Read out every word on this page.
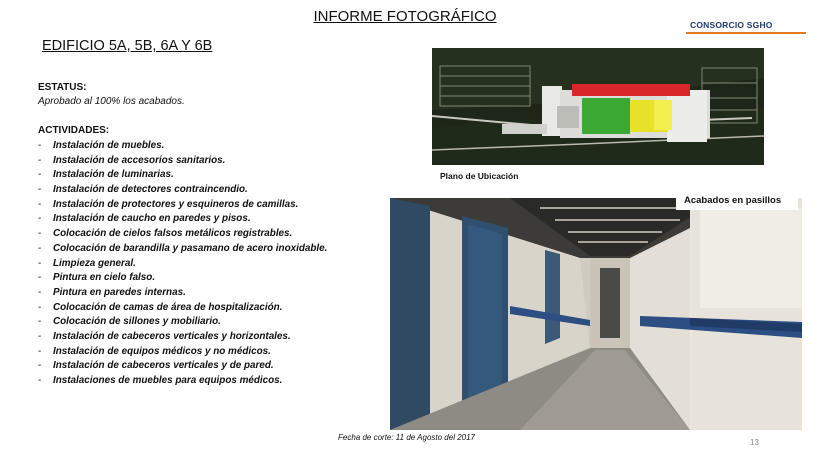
INFORME FOTOGRÁFICO	CONSORCIO SGHO
EDIFICIO 5A, 5B, 6A Y 6B
ESTATUS:
Aprobado al 100% los acabados.
ACTIVIDADES:
- Instalación de muebles.
- Instalación de accesorios sanitarios.
- Instalación de luminarias.
- Instalación de detectores contraincendio.
- Instalación de protectores y esquineros de camillas.
- Instalación de caucho en paredes y pisos.
- Colocación de cielos falsos metálicos registrables.
- Colocación de barandilla y pasamano de acero inoxidable.
- Limpieza general.
- Pintura en cielo falso.
- Pintura en paredes internas.
- Colocación de camas de área de hospitalización.
- Colocación de sillones y mobiliario.
- Instalación de cabeceros verticales y horizontales.
- Instalación de equipos médicos y no médicos.
- Instalación de cabeceros verticales y de pared.
- Instalaciones de muebles para equipos médicos.
Plano de Ubicación
Acabados en pasillos
Fecha de corte: 11 de Agosto del 2017
13
